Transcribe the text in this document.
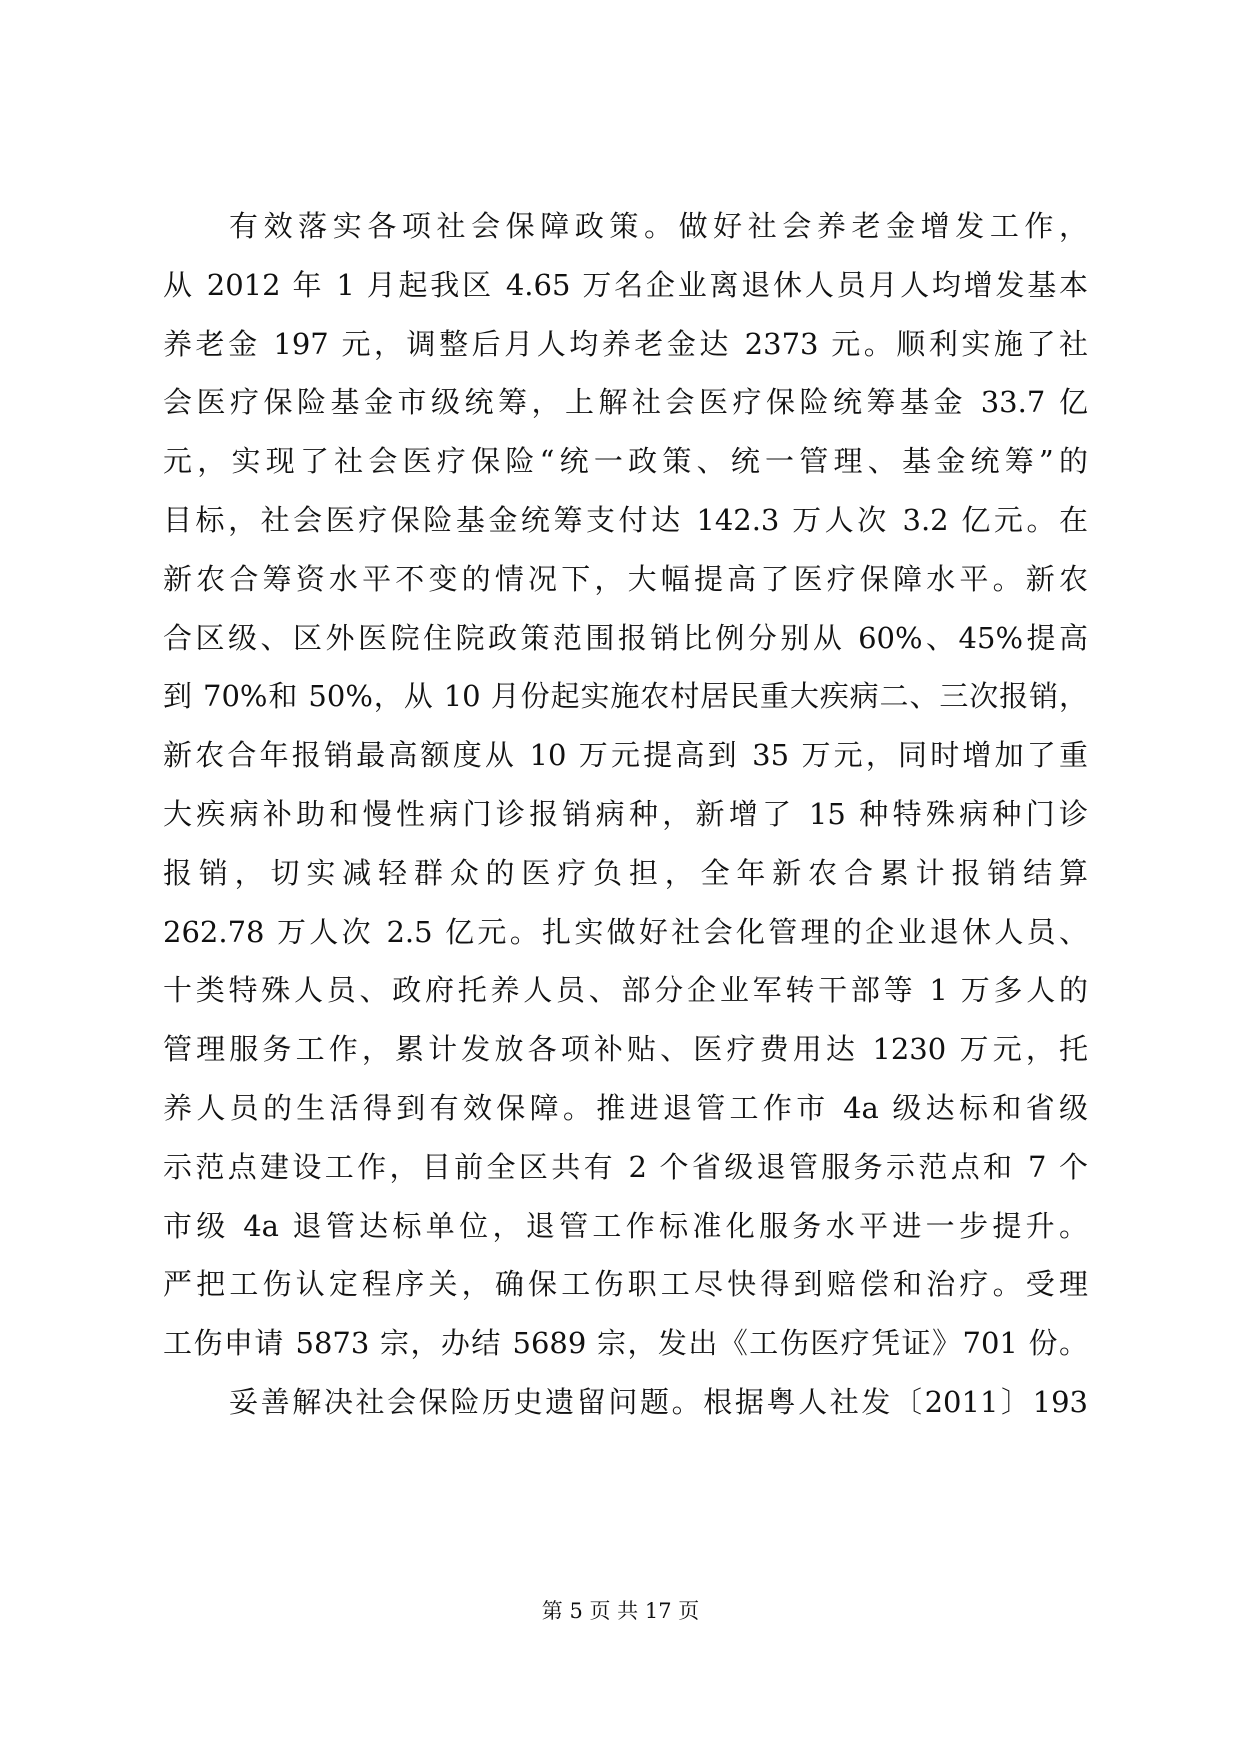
有效落实各项社会保障政策。做好社会养老金增发工作，
从 2012 年 1 月起我区 4.65 万名企业离退休人员月人均增发基本
养老金 197 元，调整后月人均养老金达 2373 元。顺利实施了社
会医疗保险基金市级统筹，上解社会医疗保险统筹基金 33.7 亿
元，实现了社会医疗保险“统一政策、统一管理、基金统筹”的
目标，社会医疗保险基金统筹支付达 142.3 万人次 3.2 亿元。在
新农合筹资水平不变的情况下，大幅提高了医疗保障水平。新农
合区级、区外医院住院政策范围报销比例分别从 60%、45%提高
到 70%和 50%，从 10 月份起实施农村居民重大疾病二、三次报销，
新农合年报销最高额度从 10 万元提高到 35 万元，同时增加了重
大疾病补助和慢性病门诊报销病种，新增了 15 种特殊病种门诊
报销，切实减轻群众的医疗负担，全年新农合累计报销结算
262.78 万人次 2.5 亿元。扎实做好社会化管理的企业退休人员、
十类特殊人员、政府托养人员、部分企业军转干部等 1 万多人的
管理服务工作，累计发放各项补贴、医疗费用达 1230 万元，托
养人员的生活得到有效保障。推进退管工作市 4a 级达标和省级
示范点建设工作，目前全区共有 2 个省级退管服务示范点和 7 个
市级 4a 退管达标单位，退管工作标准化服务水平进一步提升。
严把工伤认定程序关，确保工伤职工尽快得到赔偿和治疗。受理
工伤申请 5873 宗，办结 5689 宗，发出《工伤医疗凭证》701 份。
妥善解决社会保险历史遗留问题。根据粤人社发〔2011〕193
第 5 页 共 17 页
